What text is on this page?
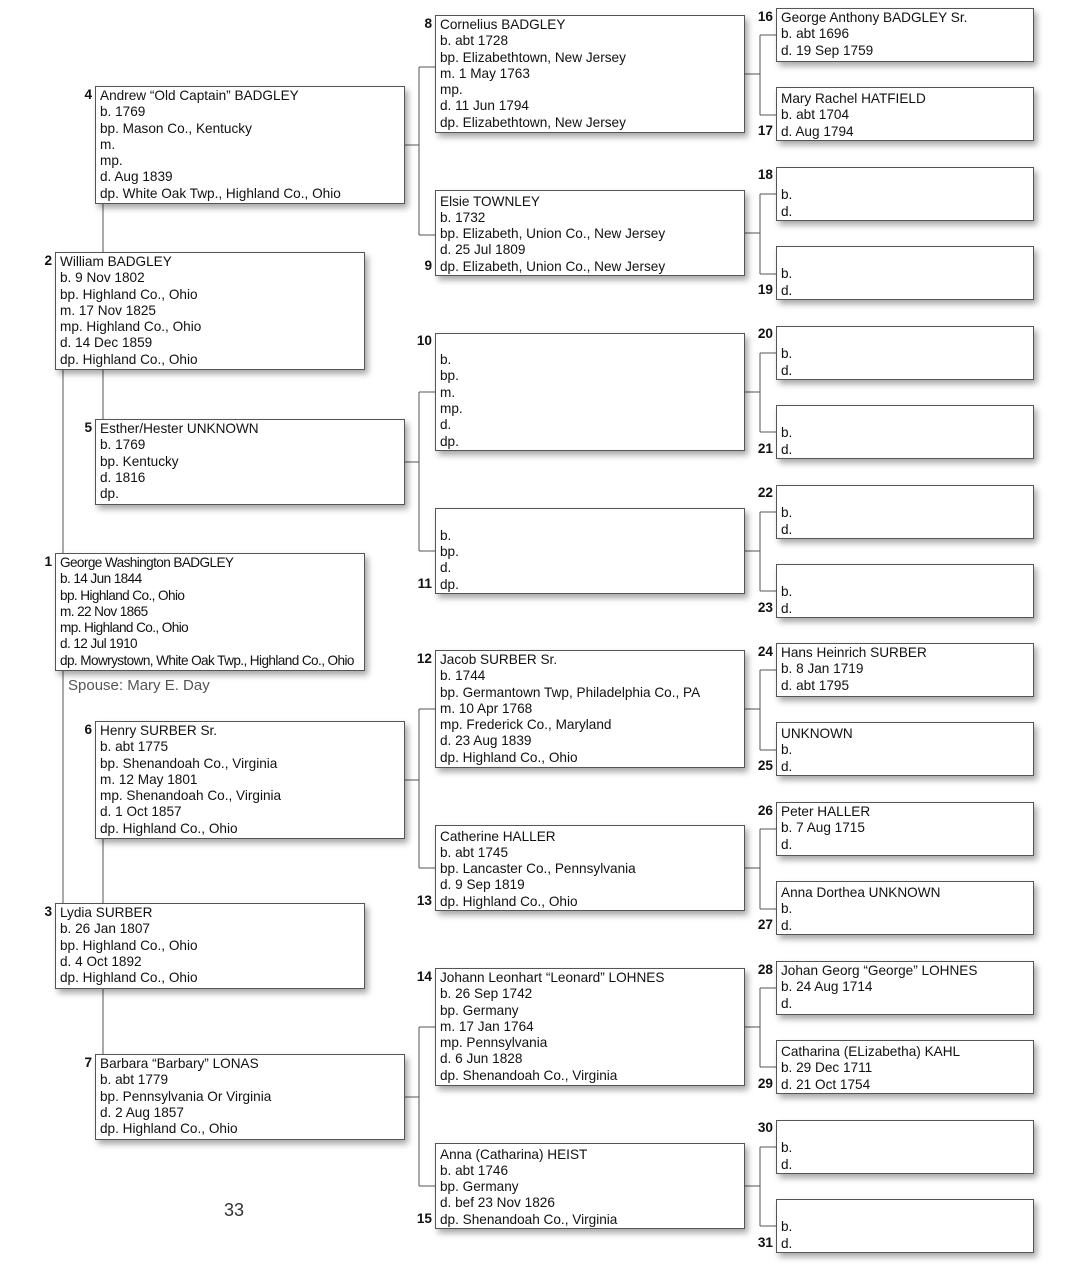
Spouse: Mary E. Day
33
George Washington BADGLEY
b. 14 Jun 1844
bp. Highland Co., Ohio
m. 22 Nov 1865
mp. Highland Co., Ohio
d. 12 Jul 1910
dp. Mowrystown, White Oak Twp., Highland Co., Ohio
1
William BADGLEY
b. 9 Nov 1802
bp. Highland Co., Ohio
m. 17 Nov 1825
mp. Highland Co., Ohio
d. 14 Dec 1859
dp. Highland Co., Ohio
2
Lydia SURBER
b. 26 Jan 1807
bp. Highland Co., Ohio
d. 4 Oct 1892
dp. Highland Co., Ohio
3
Andrew “Old Captain” BADGLEY
b. 1769
bp. Mason Co., Kentucky
m.
mp.
d. Aug 1839
dp. White Oak Twp., Highland Co., Ohio
4
Esther/Hester UNKNOWN
b. 1769
bp. Kentucky
d. 1816
dp.
5
Henry SURBER Sr.
b. abt 1775
bp. Shenandoah Co., Virginia
m. 12 May 1801
mp. Shenandoah Co., Virginia
d. 1 Oct 1857
dp. Highland Co., Ohio
6
Barbara “Barbary” LONAS
b. abt 1779
bp. Pennsylvania Or Virginia
d. 2 Aug 1857
dp. Highland Co., Ohio
7
Cornelius BADGLEY
b. abt 1728
bp. Elizabethtown, New Jersey
m. 1 May 1763
mp.
d. 11 Jun 1794
dp. Elizabethtown, New Jersey
8
Elsie TOWNLEY
b. 1732
bp. Elizabeth, Union Co., New Jersey
d. 25 Jul 1809
dp. Elizabeth, Union Co., New Jersey
9
b.
bp.
m.
mp.
d.
dp.
10
b.
bp.
d.
dp.
11
Jacob SURBER Sr.
b. 1744
bp. Germantown Twp, Philadelphia Co., PA
m. 10 Apr 1768
mp. Frederick Co., Maryland
d. 23 Aug 1839
dp. Highland Co., Ohio
12
Catherine HALLER
b. abt 1745
bp. Lancaster Co., Pennsylvania
d. 9 Sep 1819
dp. Highland Co., Ohio
13
Johann Leonhart “Leonard” LOHNES
b. 26 Sep 1742
bp. Germany
m. 17 Jan 1764
mp. Pennsylvania
d. 6 Jun 1828
dp. Shenandoah Co., Virginia
14
Anna (Catharina) HEIST
b. abt 1746
bp. Germany
d. bef 23 Nov 1826
dp. Shenandoah Co., Virginia
15
George Anthony BADGLEY Sr.
b. abt 1696
d. 19 Sep 1759
16
Mary Rachel HATFIELD
b. abt 1704
d. Aug 1794
17
b.
d.
18
b.
d.
19
b.
d.
20
b.
d.
21
b.
d.
22
b.
d.
23
Hans Heinrich SURBER
b. 8 Jan 1719
d. abt 1795
24
UNKNOWN
b.
d.
25
Peter HALLER
b. 7 Aug 1715
d.
26
Anna Dorthea UNKNOWN
b.
d.
27
Johan Georg “George” LOHNES
b. 24 Aug 1714
d.
28
Catharina (ELizabetha) KAHL
b. 29 Dec 1711
d. 21 Oct 1754
29
b.
d.
30
b.
d.
31
